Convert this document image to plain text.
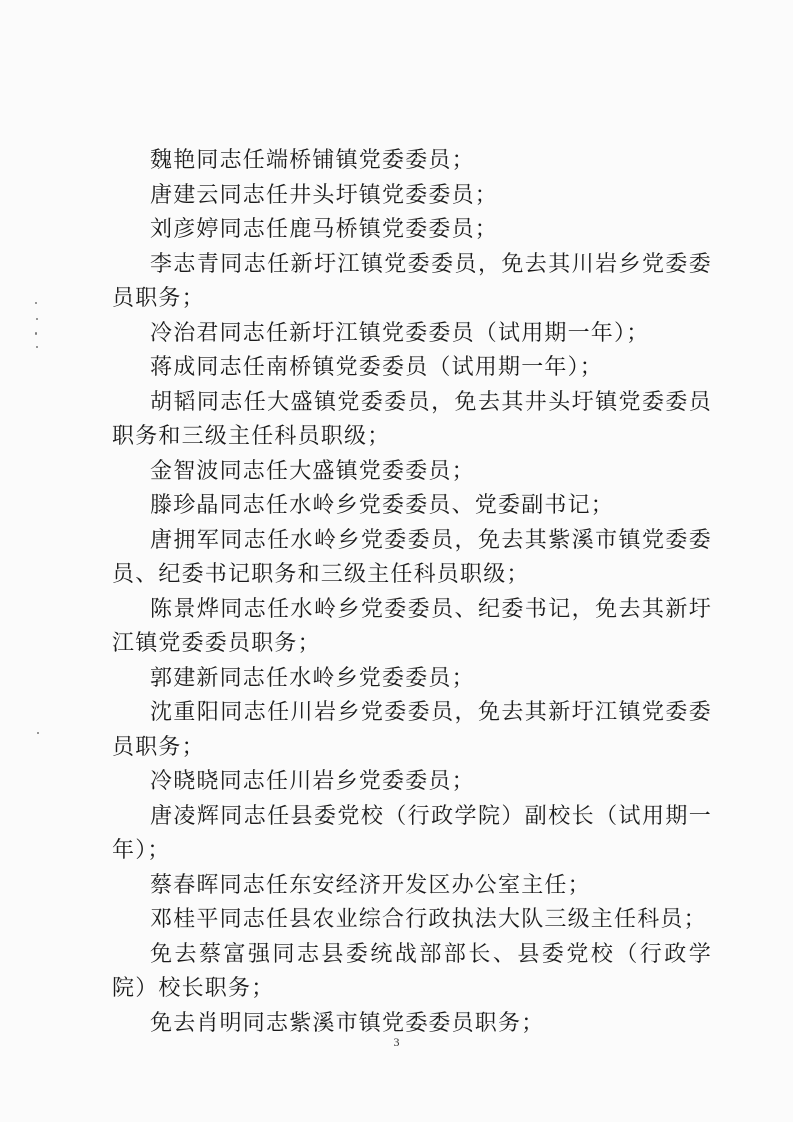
魏艳同志任端桥铺镇党委委员；

唐建云同志任井头圩镇党委委员；

刘彦婷同志任鹿马桥镇党委委员；

李志青同志任新圩江镇党委委员，免去其川岩乡党委委员职务；

冷治君同志任新圩江镇党委委员（试用期一年）；

蒋成同志任南桥镇党委委员（试用期一年）；

胡韬同志任大盛镇党委委员，免去其井头圩镇党委委员职务和三级主任科员职级；

金智波同志任大盛镇党委委员；

滕珍晶同志任水岭乡党委委员、党委副书记；

唐拥军同志任水岭乡党委委员，免去其紫溪市镇党委委员、纪委书记职务和三级主任科员职级；

陈景烨同志任水岭乡党委委员、纪委书记，免去其新圩江镇党委委员职务；

郭建新同志任水岭乡党委委员；

沈重阳同志任川岩乡党委委员，免去其新圩江镇党委委员职务；

冷晓晓同志任川岩乡党委委员；

唐凌辉同志任县委党校（行政学院）副校长（试用期一年）；

蔡春晖同志任东安经济开发区办公室主任；

邓桂平同志任县农业综合行政执法大队三级主任科员；

免去蔡富强同志县委统战部部长、县委党校（行政学院）校长职务；

免去肖明同志紫溪市镇党委委员职务；

3
